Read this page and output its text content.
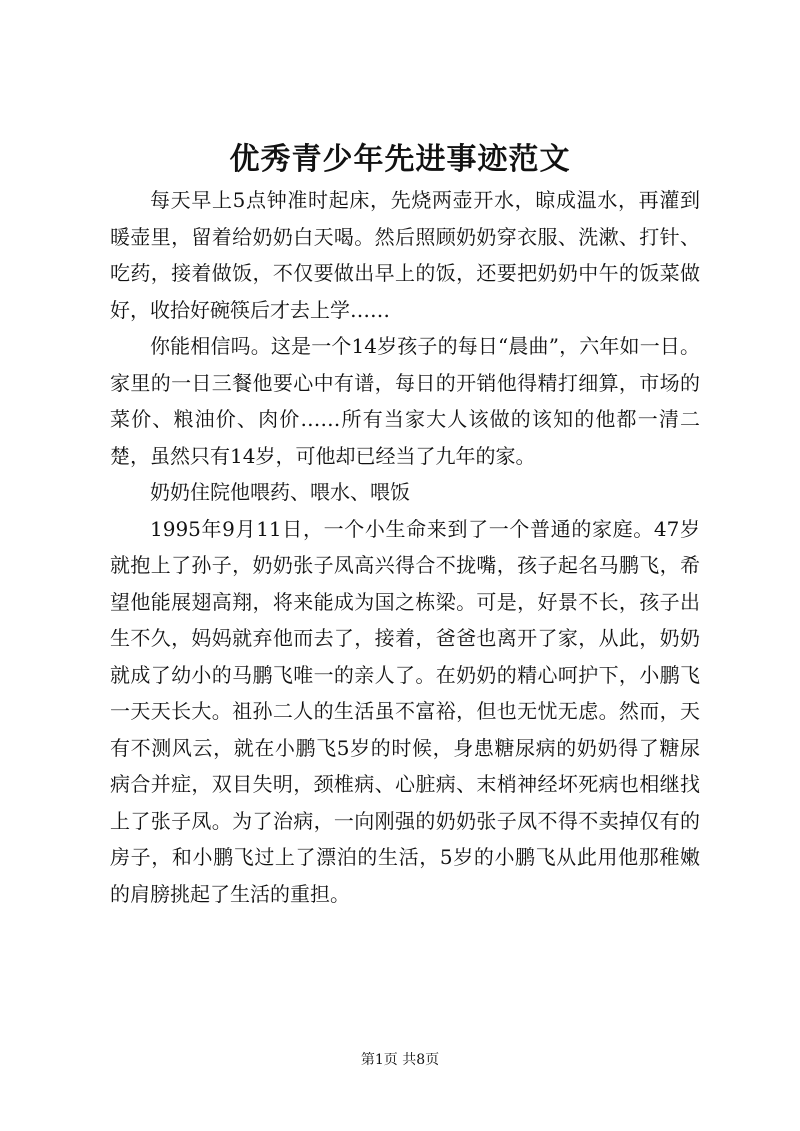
优秀青少年先进事迹范文

每天早上5点钟准时起床，先烧两壶开水，晾成温水，再灌到暖壶里，留着给奶奶白天喝。然后照顾奶奶穿衣服、洗漱、打针、吃药，接着做饭，不仅要做出早上的饭，还要把奶奶中午的饭菜做好，收拾好碗筷后才去上学……

你能相信吗。这是一个14岁孩子的每日“晨曲”，六年如一日。家里的一日三餐他要心中有谱，每日的开销他得精打细算，市场的菜价、粮油价、肉价……所有当家大人该做的该知的他都一清二楚，虽然只有14岁，可他却已经当了九年的家。

奶奶住院他喂药、喂水、喂饭

1995年9月11日，一个小生命来到了一个普通的家庭。47岁就抱上了孙子，奶奶张子凤高兴得合不拢嘴，孩子起名马鹏飞，希望他能展翅高翔，将来能成为国之栋梁。可是，好景不长，孩子出生不久，妈妈就弃他而去了，接着，爸爸也离开了家，从此，奶奶就成了幼小的马鹏飞唯一的亲人了。在奶奶的精心呵护下，小鹏飞一天天长大。祖孙二人的生活虽不富裕，但也无忧无虑。然而，天有不测风云，就在小鹏飞5岁的时候，身患糖尿病的奶奶得了糖尿病合并症，双目失明，颈椎病、心脏病、末梢神经坏死病也相继找上了张子凤。为了治病，一向刚强的奶奶张子凤不得不卖掉仅有的房子，和小鹏飞过上了漂泊的生活，5岁的小鹏飞从此用他那稚嫩的肩膀挑起了生活的重担。

第1页 共8页
